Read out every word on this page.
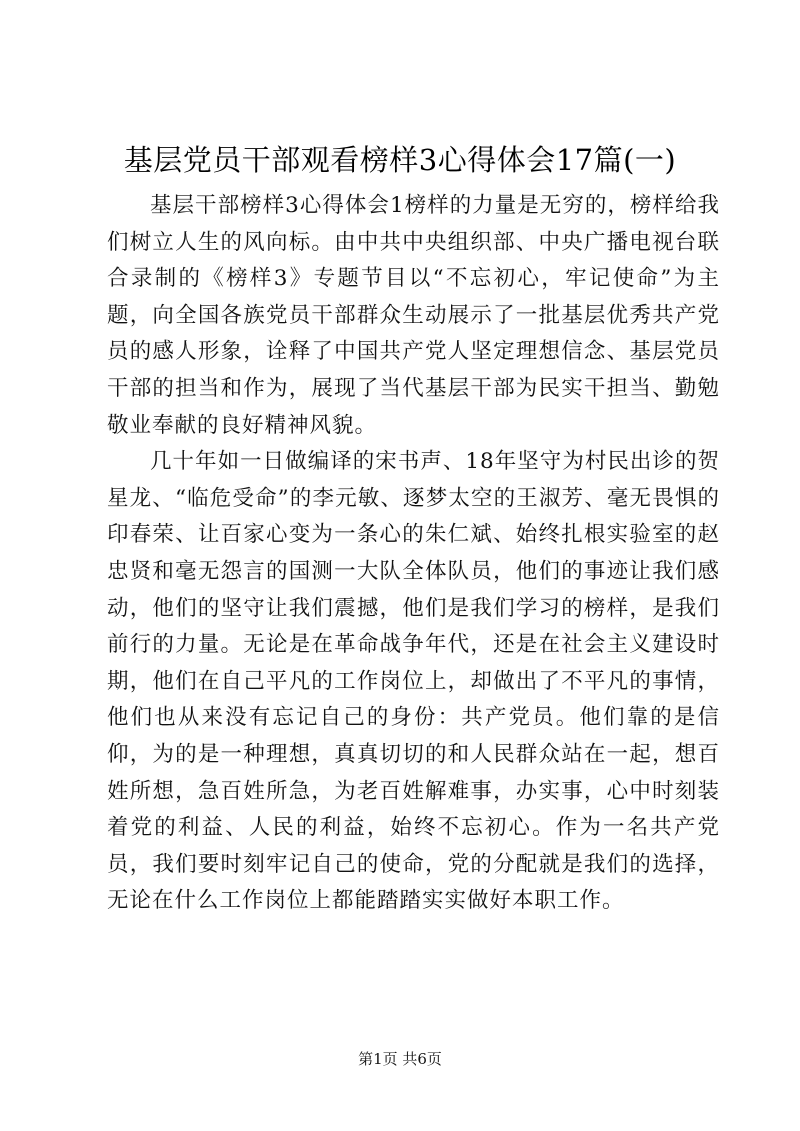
基层党员干部观看榜样3心得体会17篇(一)

基层干部榜样3心得体会1榜样的力量是无穷的，榜样给我们树立人生的风向标。由中共中央组织部、中央广播电视台联合录制的《榜样3》专题节目以“不忘初心，牢记使命”为主题，向全国各族党员干部群众生动展示了一批基层优秀共产党员的感人形象，诠释了中国共产党人坚定理想信念、基层党员干部的担当和作为，展现了当代基层干部为民实干担当、勤勉敬业奉献的良好精神风貌。

几十年如一日做编译的宋书声、18年坚守为村民出诊的贺星龙、“临危受命”的李元敏、逐梦太空的王淑芳、毫无畏惧的印春荣、让百家心变为一条心的朱仁斌、始终扎根实验室的赵忠贤和毫无怨言的国测一大队全体队员，他们的事迹让我们感动，他们的坚守让我们震撼，他们是我们学习的榜样，是我们前行的力量。无论是在革命战争年代，还是在社会主义建设时期，他们在自己平凡的工作岗位上，却做出了不平凡的事情，他们也从来没有忘记自己的身份：共产党员。他们靠的是信仰，为的是一种理想，真真切切的和人民群众站在一起，想百姓所想，急百姓所急，为老百姓解难事，办实事，心中时刻装着党的利益、人民的利益，始终不忘初心。作为一名共产党员，我们要时刻牢记自己的使命，党的分配就是我们的选择，无论在什么工作岗位上都能踏踏实实做好本职工作。

第1页 共6页
